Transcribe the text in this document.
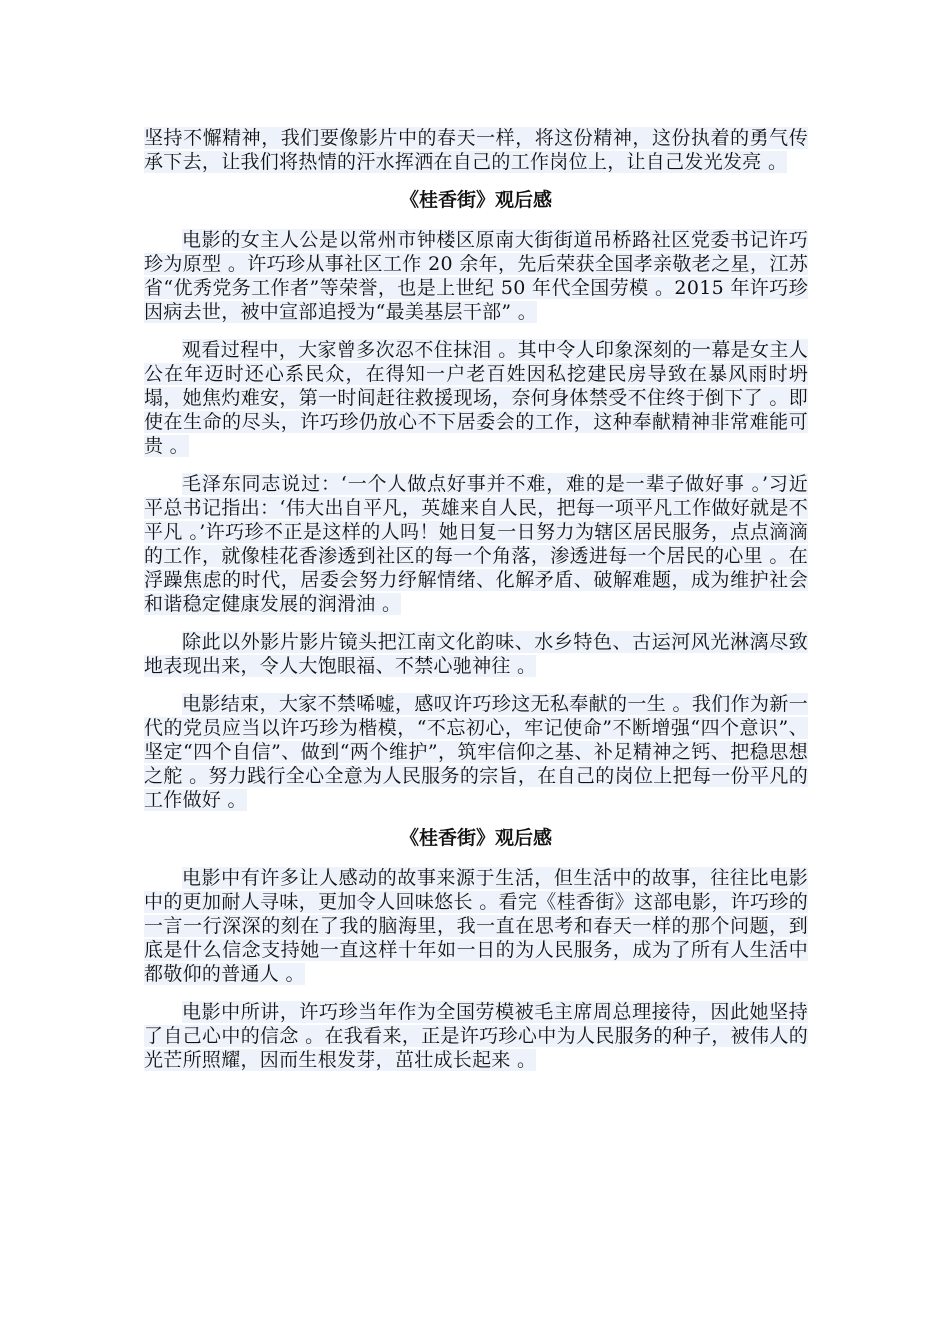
坚持不懈精神，我们要像影片中的春天一样，将这份精神，这份执着的勇气传承下去，让我们将热情的汗水挥洒在自己的工作岗位上，让自己发光发亮 。

《桂香街》观后感

电影的女主人公是以常州市钟楼区原南大街街道吊桥路社区党委书记许巧珍为原型 。许巧珍从事社区工作 20 余年，先后荣获全国孝亲敬老之星，江苏省“优秀党务工作者”等荣誉，也是上世纪 50 年代全国劳模 。2015 年许巧珍因病去世，被中宣部追授为“最美基层干部” 。

观看过程中，大家曾多次忍不住抹泪 。其中令人印象深刻的一幕是女主人公在年迈时还心系民众，在得知一户老百姓因私挖建民房导致在暴风雨时坍塌，她焦灼难安，第一时间赶往救援现场，奈何身体禁受不住终于倒下了 。即使在生命的尽头，许巧珍仍放心不下居委会的工作，这种奉献精神非常难能可贵 。

毛泽东同志说过：‘一个人做点好事并不难，难的是一辈子做好事 。’习近平总书记指出：‘伟大出自平凡，英雄来自人民，把每一项平凡工作做好就是不平凡 。’许巧珍不正是这样的人吗！她日复一日努力为辖区居民服务，点点滴滴的工作，就像桂花香渗透到社区的每一个角落，渗透进每一个居民的心里 。在浮躁焦虑的时代，居委会努力纾解情绪、化解矛盾、破解难题，成为维护社会和谐稳定健康发展的润滑油 。

除此以外影片影片镜头把江南文化韵味、水乡特色、古运河风光淋漓尽致地表现出来，令人大饱眼福、不禁心驰神往 。

电影结束，大家不禁唏嘘，感叹许巧珍这无私奉献的一生 。我们作为新一代的党员应当以许巧珍为楷模，“不忘初心，牢记使命”不断增强“四个意识”、坚定“四个自信”、做到“两个维护”，筑牢信仰之基、补足精神之钙、把稳思想之舵 。努力践行全心全意为人民服务的宗旨，在自己的岗位上把每一份平凡的工作做好 。

《桂香街》观后感

电影中有许多让人感动的故事来源于生活，但生活中的故事，往往比电影中的更加耐人寻味，更加令人回味悠长 。看完《桂香街》这部电影，许巧珍的一言一行深深的刻在了我的脑海里，我一直在思考和春天一样的那个问题，到底是什么信念支持她一直这样十年如一日的为人民服务，成为了所有人生活中都敬仰的普通人 。

电影中所讲，许巧珍当年作为全国劳模被毛主席周总理接待，因此她坚持了自己心中的信念 。在我看来，正是许巧珍心中为人民服务的种子，被伟人的光芒所照耀，因而生根发芽，茁壮成长起来 。
